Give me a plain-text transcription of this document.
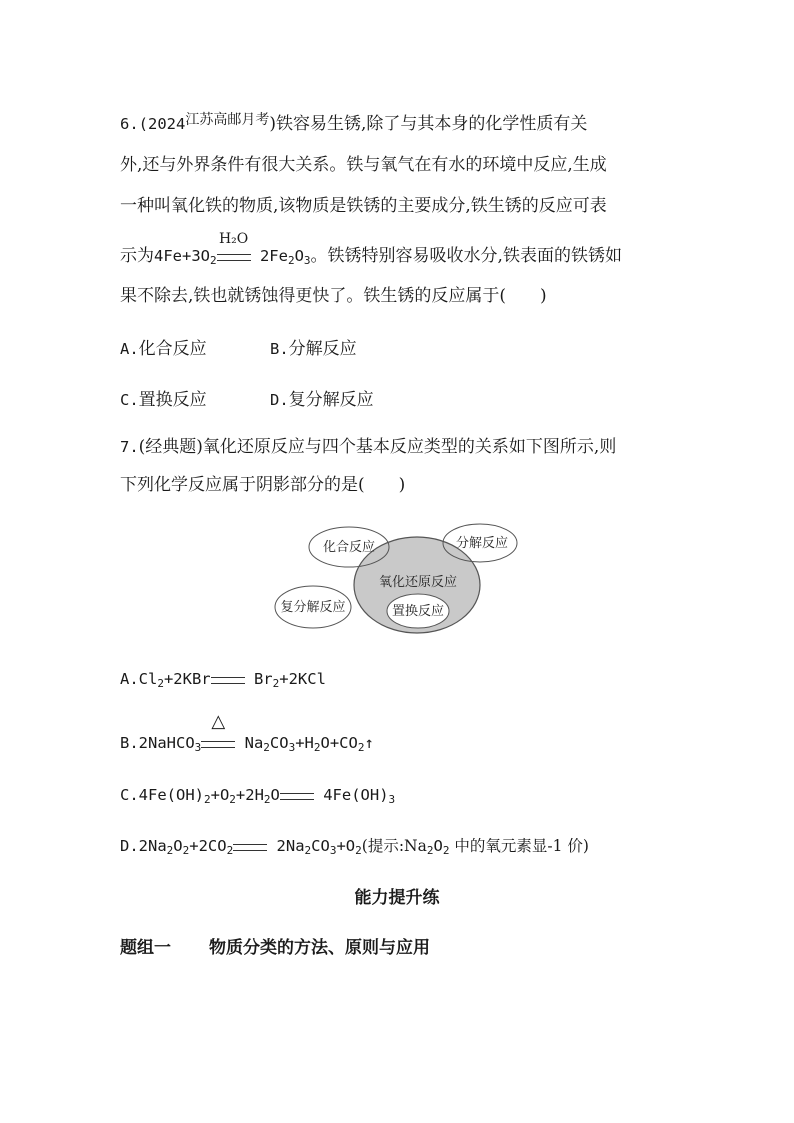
$6.(2024^{江苏高邮月考})$铁容易生锈,除了与其本身的化学性质有关
外,还与外界条件有很大关系。铁与氧气在有水的环境中反应,生成
一种叫氧化铁的物质,该物质是铁锈的主要成分,铁生锈的反应可表
示为$4Fe+3O_2$
H₂O
$2Fe_2O_3$。铁锈特别容易吸收水分,铁表面的铁锈如
果不除去,铁也就锈蚀得更快了。铁生锈的反应属于(　　)
A.化合反应	B.分解反应
C.置换反应	D.复分解反应
7.(经典题)氧化还原反应与四个基本反应类型的关系如下图所示,则
下列化学反应属于阴影部分的是(　　)
化合反应	分解反应
氧化还原反应
复分解反应	置换反应
$A.Cl_2+2KBr$
$Br_2+2KCl$
B.2NaHCO$_3$
△
$Na_2CO_3+H_2O+CO_2↑$
$C.4Fe(OH)_2+O_2+2H_2O$
$4Fe(OH)_3$
$D.2Na_2O_2+2CO_2$
$2Na_2CO_3+O_2$(提示$:Na_2O_2$ 中的氧元素显-1 价)
能力提升练
题组一 物质分类的方法、原则与应用
